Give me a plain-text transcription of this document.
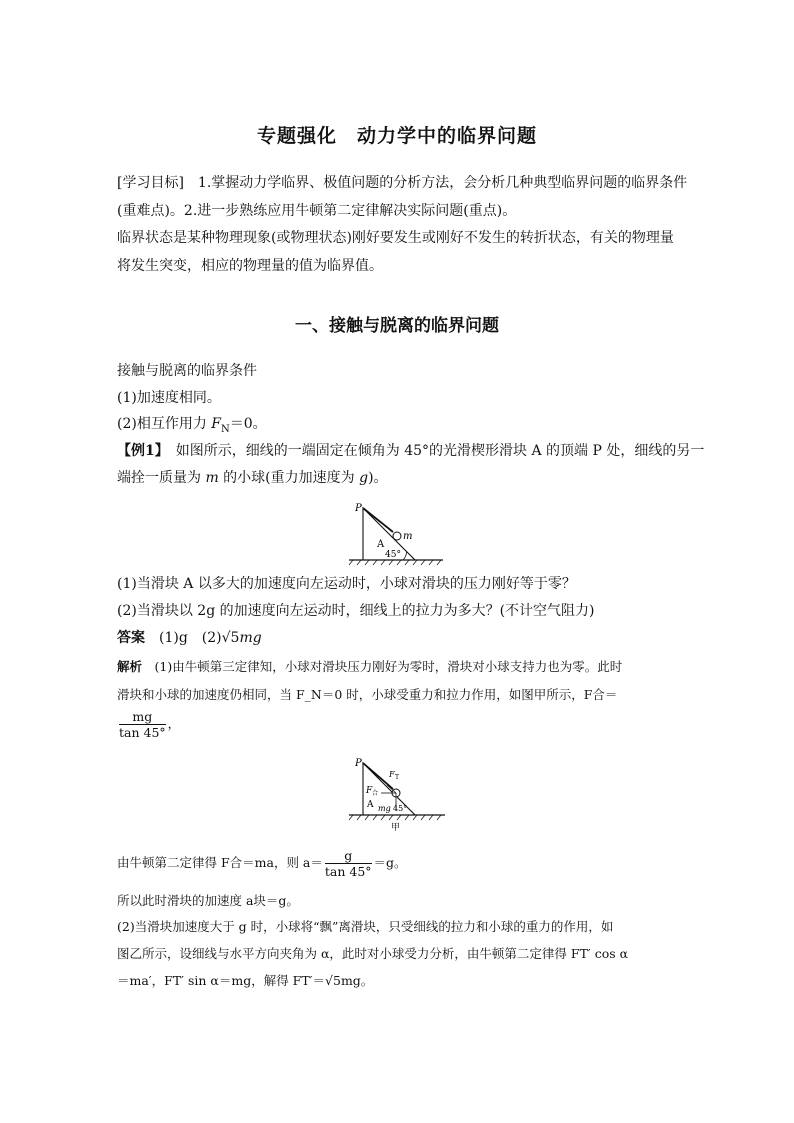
专题强化　动力学中的临界问题
[学习目标]　1.掌握动力学临界、极值问题的分析方法，会分析几种典型临界问题的临界条件
(重难点)。2.进一步熟练应用牛顿第二定律解决实际问题(重点)。
临界状态是某种物理现象(或物理状态)刚好要发生或刚好不发生的转折状态，有关的物理量
将发生突变，相应的物理量的值为临界值。
一、接触与脱离的临界问题
接触与脱离的临界条件
(1)加速度相同。
(2)相互作用力 $F_N=0$。
【例1】　如图所示，细线的一端固定在倾角为 45°的光滑楔形滑块 A 的顶端 P 处，细线的另一
端拴一质量为 m 的小球(重力加速度为 g)。
P
m
A
45°
(1)当滑块 A 以多大的加速度向左运动时，小球对滑块的压力刚好等于零？
(2)当滑块以 2g 的加速度向左运动时，细线上的拉力为多大？(不计空气阻力)
答案　(1)g　(2)√5mg
解析　(1)由牛顿第三定律知，小球对滑块压力刚好为零时，滑块对小球支持力也为零。此时
滑块和小球的加速度仍相同，当 F_N＝0 时，小球受重力和拉力作用，如图甲所示，F合＝
$\frac{mg}{\tan 45^\circ}$ ，
P
F T
F 合
A mg 45°
甲
由牛顿第二定律得 F合＝ma，则 $a= \frac{g}{\tan 45^\circ} =g$。
所以此时滑块的加速度 a块＝g。
(2)当滑块加速度大于 g 时，小球将“飘”离滑块，只受细线的拉力和小球的重力的作用，如
图乙所示，设细线与水平方向夹角为 α，此时对小球受力分析，由牛顿第二定律得 FT′ cos α
＝ma′，FT′ sin α＝mg，解得 FT′＝√5mg。
